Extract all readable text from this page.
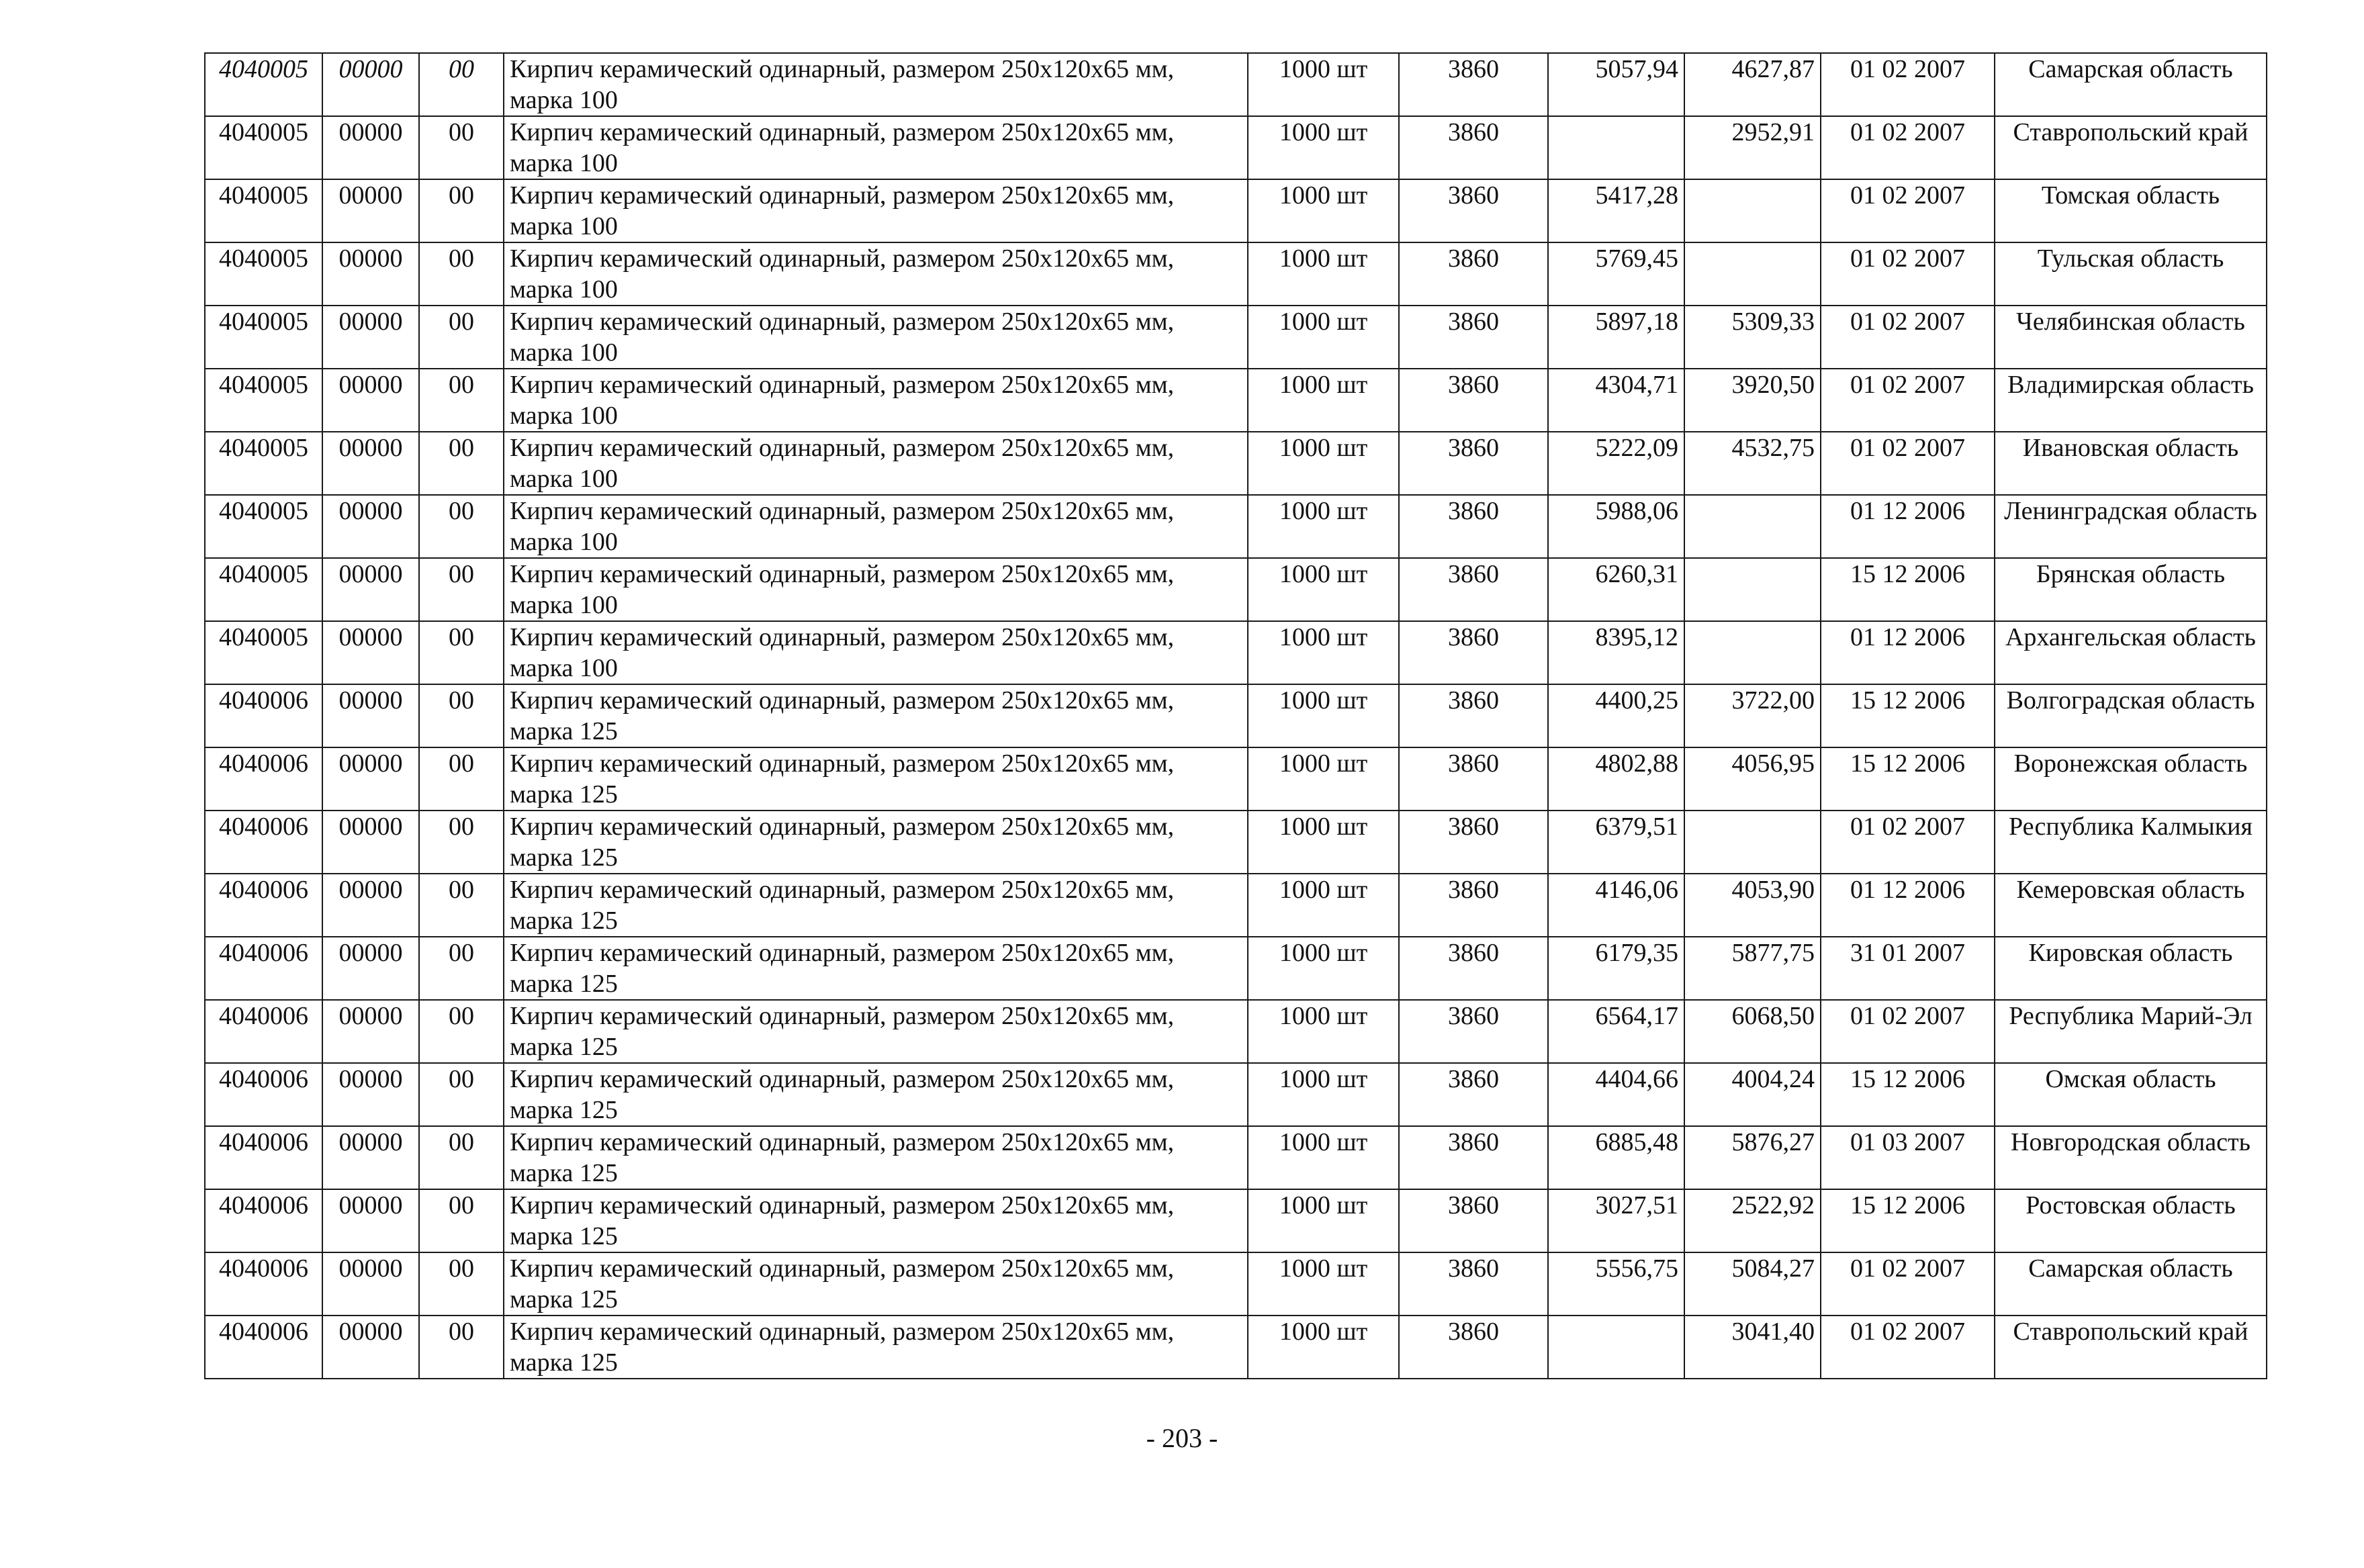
4040005	00000	00	Кирпич керамический одинарный, размером 250x120x65 мм, марка 100	1000 шт	3860	5057,94	4627,87	01 02 2007	Самарская область
4040005	00000	00	Кирпич керамический одинарный, размером 250x120x65 мм, марка 100	1000 шт	3860		2952,91	01 02 2007	Ставропольский край
4040005	00000	00	Кирпич керамический одинарный, размером 250x120x65 мм, марка 100	1000 шт	3860	5417,28		01 02 2007	Томская область
4040005	00000	00	Кирпич керамический одинарный, размером 250x120x65 мм, марка 100	1000 шт	3860	5769,45		01 02 2007	Тульская область
4040005	00000	00	Кирпич керамический одинарный, размером 250x120x65 мм, марка 100	1000 шт	3860	5897,18	5309,33	01 02 2007	Челябинская область
4040005	00000	00	Кирпич керамический одинарный, размером 250x120x65 мм, марка 100	1000 шт	3860	4304,71	3920,50	01 02 2007	Владимирская область
4040005	00000	00	Кирпич керамический одинарный, размером 250x120x65 мм, марка 100	1000 шт	3860	5222,09	4532,75	01 02 2007	Ивановская область
4040005	00000	00	Кирпич керамический одинарный, размером 250x120x65 мм, марка 100	1000 шт	3860	5988,06		01 12 2006	Ленинградская область
4040005	00000	00	Кирпич керамический одинарный, размером 250x120x65 мм, марка 100	1000 шт	3860	6260,31		15 12 2006	Брянская область
4040005	00000	00	Кирпич керамический одинарный, размером 250x120x65 мм, марка 100	1000 шт	3860	8395,12		01 12 2006	Архангельская область
4040006	00000	00	Кирпич керамический одинарный, размером 250x120x65 мм, марка 125	1000 шт	3860	4400,25	3722,00	15 12 2006	Волгоградская область
4040006	00000	00	Кирпич керамический одинарный, размером 250x120x65 мм, марка 125	1000 шт	3860	4802,88	4056,95	15 12 2006	Воронежская область
4040006	00000	00	Кирпич керамический одинарный, размером 250x120x65 мм, марка 125	1000 шт	3860	6379,51		01 02 2007	Республика Калмыкия
4040006	00000	00	Кирпич керамический одинарный, размером 250x120x65 мм, марка 125	1000 шт	3860	4146,06	4053,90	01 12 2006	Кемеровская область
4040006	00000	00	Кирпич керамический одинарный, размером 250x120x65 мм, марка 125	1000 шт	3860	6179,35	5877,75	31 01 2007	Кировская область
4040006	00000	00	Кирпич керамический одинарный, размером 250x120x65 мм, марка 125	1000 шт	3860	6564,17	6068,50	01 02 2007	Республика Марий-Эл
4040006	00000	00	Кирпич керамический одинарный, размером 250x120x65 мм, марка 125	1000 шт	3860	4404,66	4004,24	15 12 2006	Омская область
4040006	00000	00	Кирпич керамический одинарный, размером 250x120x65 мм, марка 125	1000 шт	3860	6885,48	5876,27	01 03 2007	Новгородская область
4040006	00000	00	Кирпич керамический одинарный, размером 250x120x65 мм, марка 125	1000 шт	3860	3027,51	2522,92	15 12 2006	Ростовская область
4040006	00000	00	Кирпич керамический одинарный, размером 250x120x65 мм, марка 125	1000 шт	3860	5556,75	5084,27	01 02 2007	Самарская область
4040006	00000	00	Кирпич керамический одинарный, размером 250x120x65 мм, марка 125	1000 шт	3860		3041,40	01 02 2007	Ставропольский край
- 203 -
